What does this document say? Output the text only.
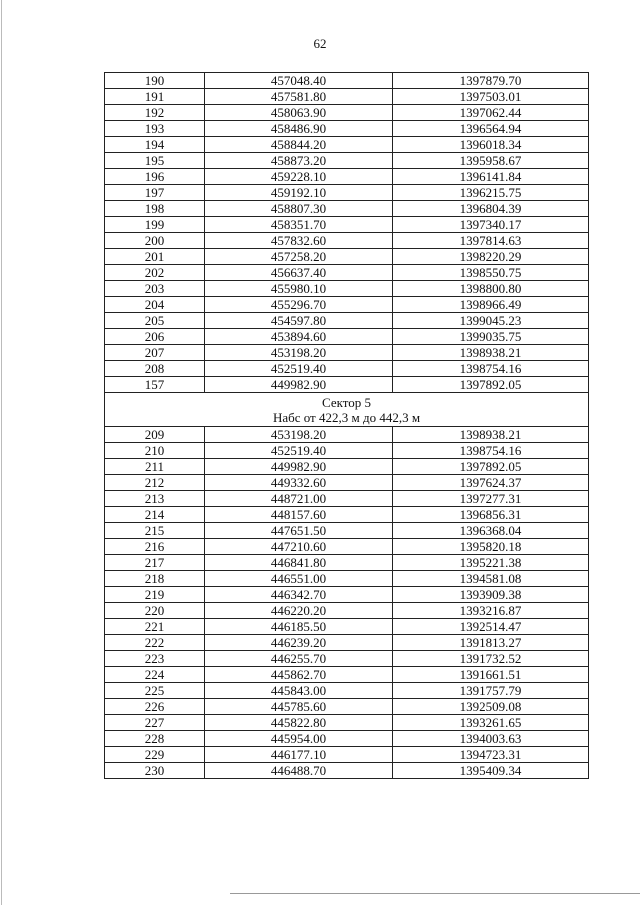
62
190	457048.40	1397879.70
191	457581.80	1397503.01
192	458063.90	1397062.44
193	458486.90	1396564.94
194	458844.20	1396018.34
195	458873.20	1395958.67
196	459228.10	1396141.84
197	459192.10	1396215.75
198	458807.30	1396804.39
199	458351.70	1397340.17
200	457832.60	1397814.63
201	457258.20	1398220.29
202	456637.40	1398550.75
203	455980.10	1398800.80
204	455296.70	1398966.49
205	454597.80	1399045.23
206	453894.60	1399035.75
207	453198.20	1398938.21
208	452519.40	1398754.16
157	449982.90	1397892.05

Сектор 5
Набс от 422,3 м до 442,3 м		

209	453198.20	1398938.21
210	452519.40	1398754.16
211	449982.90	1397892.05
212	449332.60	1397624.37
213	448721.00	1397277.31
214	448157.60	1396856.31
215	447651.50	1396368.04
216	447210.60	1395820.18
217	446841.80	1395221.38
218	446551.00	1394581.08
219	446342.70	1393909.38
220	446220.20	1393216.87
221	446185.50	1392514.47
222	446239.20	1391813.27
223	446255.70	1391732.52
224	445862.70	1391661.51
225	445843.00	1391757.79
226	445785.60	1392509.08
227	445822.80	1393261.65
228	445954.00	1394003.63
229	446177.10	1394723.31
230	446488.70	1395409.34
